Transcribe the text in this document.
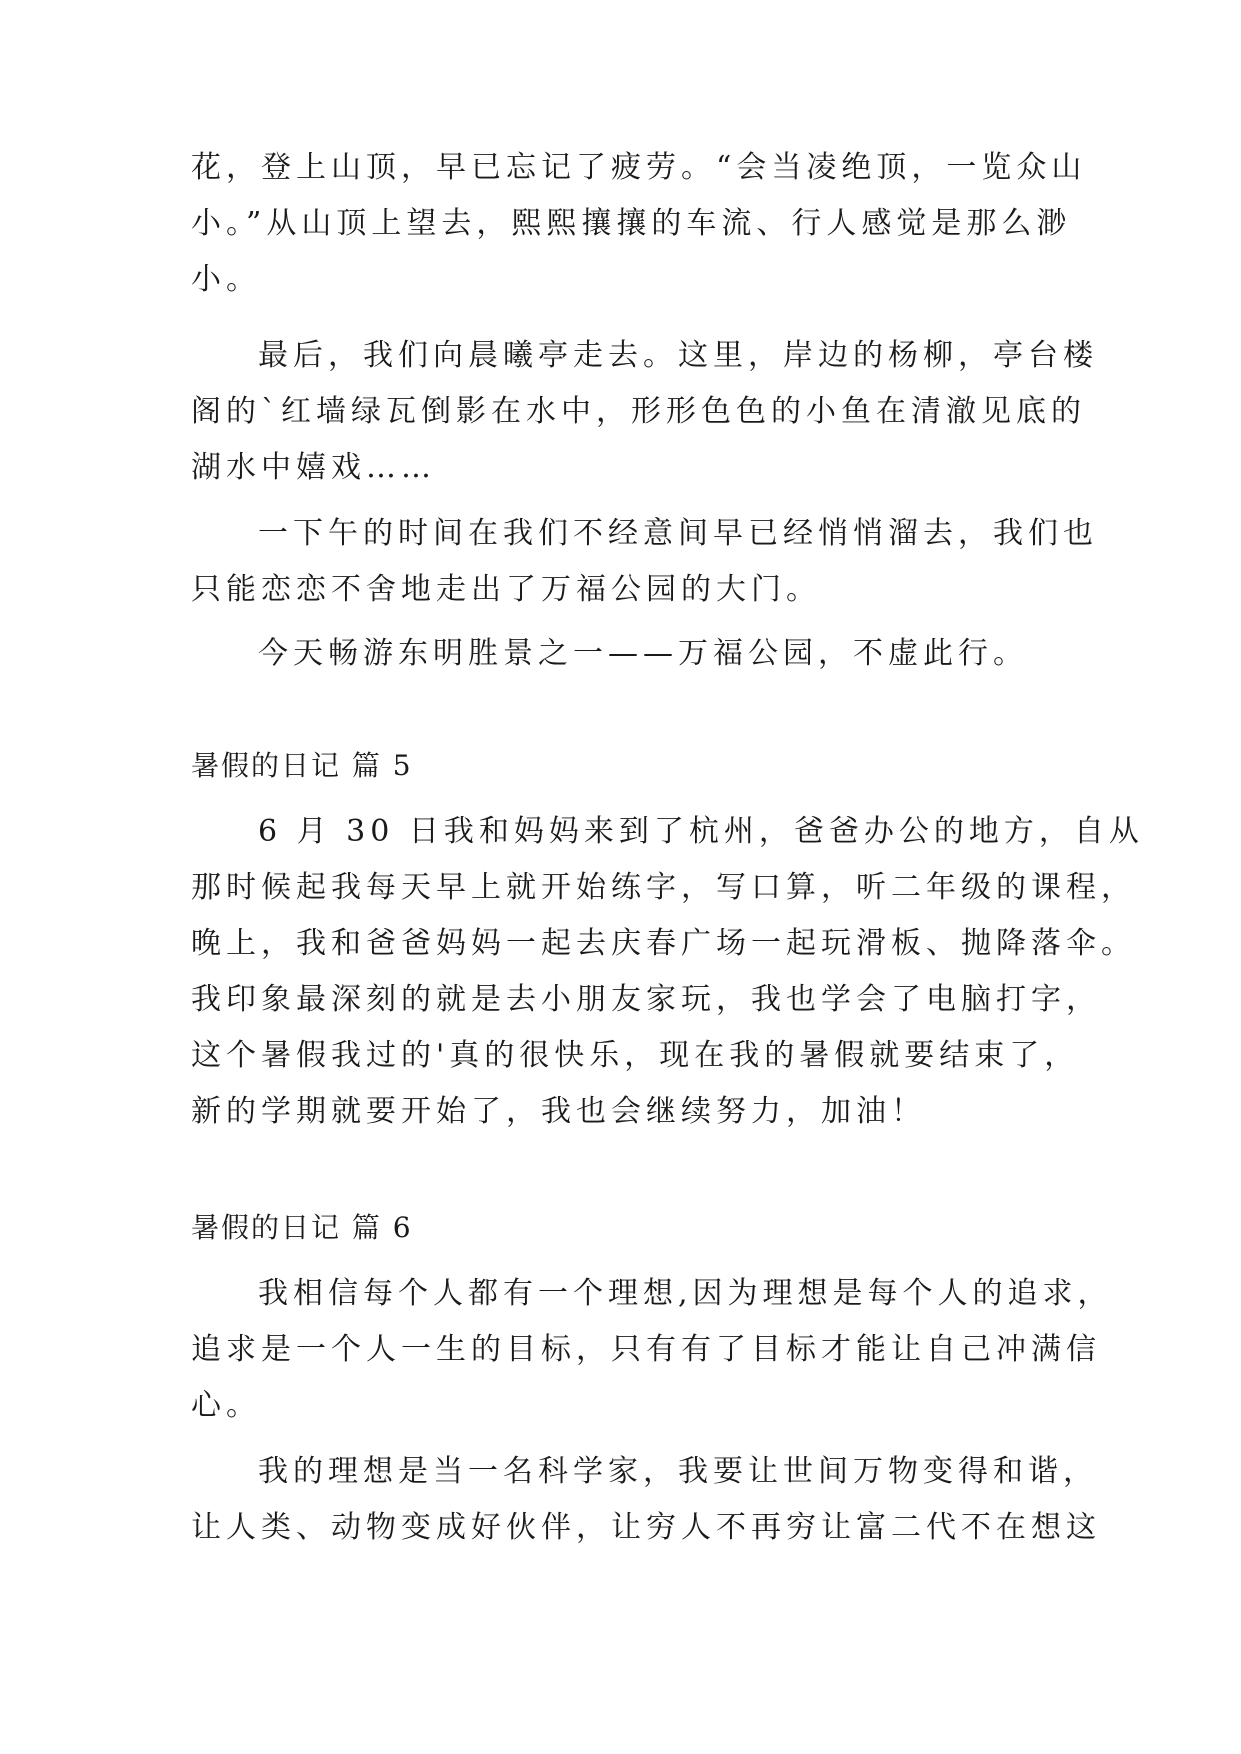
花，登上山顶，早已忘记了疲劳。“会当凌绝顶，一览众山

小。”从山顶上望去，熙熙攘攘的车流、行人感觉是那么渺

小。

最后，我们向晨曦亭走去。这里，岸边的杨柳，亭台楼

阁的`红墙绿瓦倒影在水中，形形色色的小鱼在清澈见底的

湖水中嬉戏……

一下午的时间在我们不经意间早已经悄悄溜去，我们也

只能恋恋不舍地走出了万福公园的大门。

今天畅游东明胜景之一——万福公园，不虚此行。

暑假的日记 篇 5

6 月 30 日我和妈妈来到了杭州，爸爸办公的地方，自从

那时候起我每天早上就开始练字，写口算，听二年级的课程，

晚上，我和爸爸妈妈一起去庆春广场一起玩滑板、抛降落伞。

我印象最深刻的就是去小朋友家玩，我也学会了电脑打字，

这个暑假我过的'真的很快乐，现在我的暑假就要结束了，

新的学期就要开始了，我也会继续努力，加油！

暑假的日记 篇 6

我相信每个人都有一个理想,因为理想是每个人的追求，

追求是一个人一生的目标，只有有了目标才能让自己冲满信

心。

我的理想是当一名科学家，我要让世间万物变得和谐，

让人类、动物变成好伙伴，让穷人不再穷让富二代不在想这
